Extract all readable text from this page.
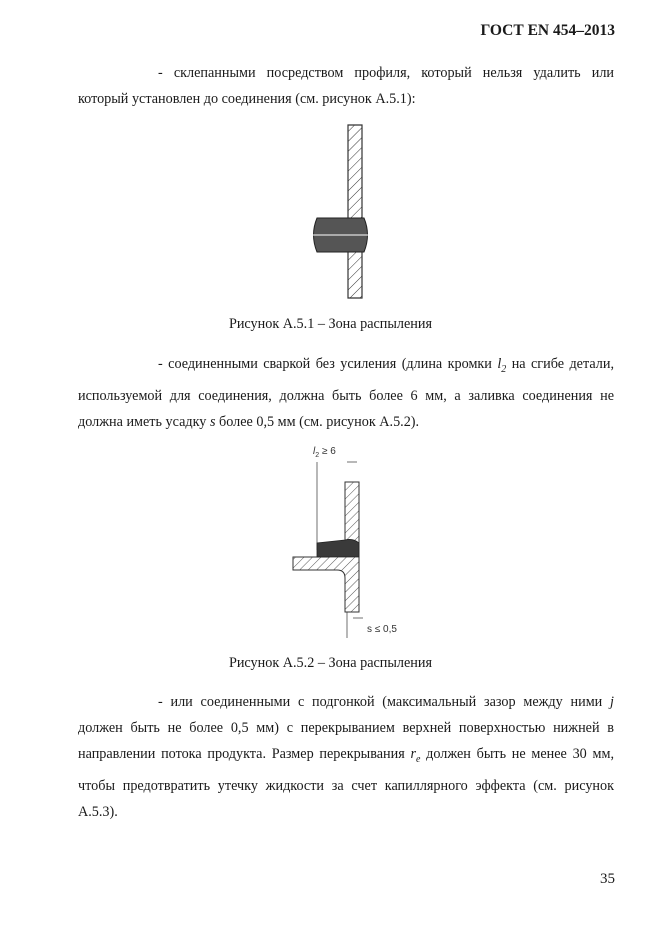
ГОСТ EN 454–2013
- склепанными посредством профиля, который нельзя удалить или который установлен до соединения (см. рисунок А.5.1):
Рисунок А.5.1 – Зона распыления
- соединенными сваркой без усиления (длина кромки $l_2$ на сгибе детали, используемой для соединения, должна быть более 6 мм, а заливка соединения не должна иметь усадку s более 0,5 мм (см. рисунок А.5.2).
$l_2 \ge 6$
s ≤ 0,5
Рисунок А.5.2 – Зона распыления
- или соединенными с подгонкой (максимальный зазор между ними j должен быть не более 0,5 мм) с перекрыванием верхней поверхностью нижней в направлении потока продукта. Размер перекрывания $r_e$ должен быть не менее 30 мм, чтобы предотвратить утечку жидкости за счет капиллярного эффекта (см. рисунок А.5.3).
35
